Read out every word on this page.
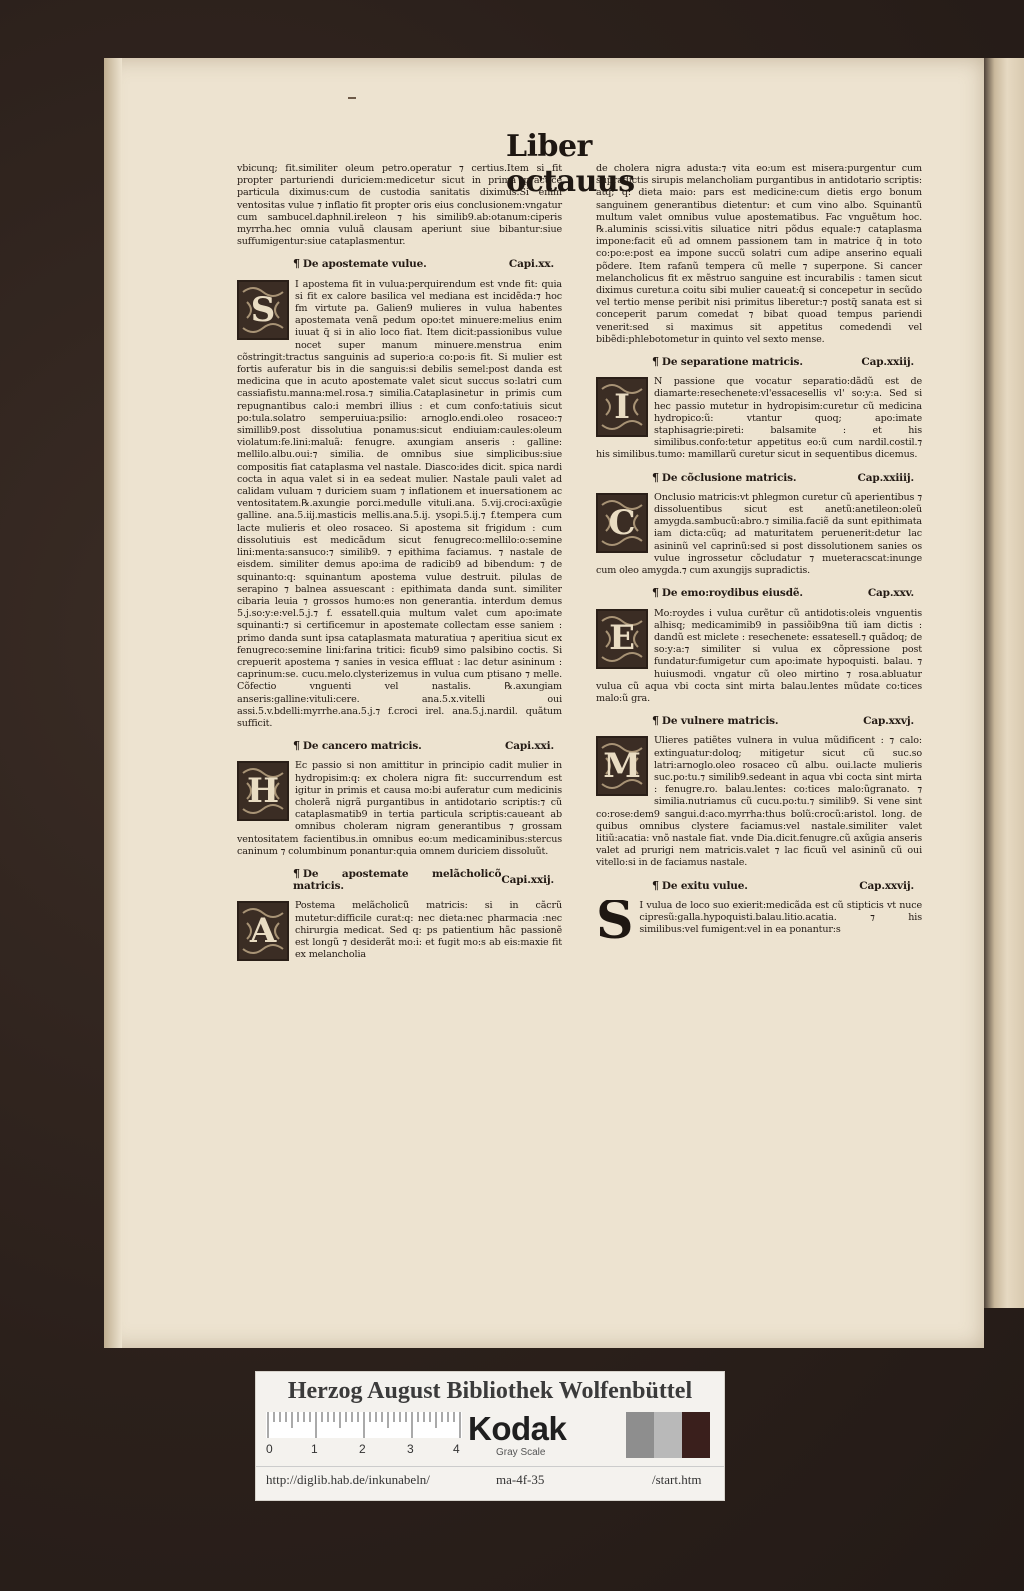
Liber octauus

vbicunq; fit.similiter oleum petro.operatur ⁊ certius.Item si fit propter parturiendi duriciem:medicetur sicut in prima practice particula diximus:cum de custodia sanitatis diximus.Si enim ventositas vulue ⁊ inflatio fit propter oris eius conclusionem:vngatur cum sambucel.daphnil.ireleon ⁊ his similib9.ab:otanum:ciperis myrrha.hec omnia vuluã clausam aperiunt siue bibantur:siue suffumigentur:siue cataplasmentur.

¶ De apostemate vulue.	Capi.xx.
S
I apostema fit in vulua:perquirendum est vnde fit: quia si fit ex calore basilica vel mediana est incidẽda:⁊ hoc fm virtute pa. Galien9 mulieres in vulua habentes apostemata venã pedum opo:tet minuere:melius enim iuuat q̃ si in alio loco fiat. Item dicit:passionibus vulue nocet super manum minuere.menstrua enim cõstringit:tractus sanguinis ad superio:a co:po:is fit. Si mulier est fortis auferatur bis in die sanguis:si debilis semel:post danda est medicina que in acuto apostemate valet sicut succus so:latri cum cassiafistu.manna:mel.rosa.⁊ similia.Cataplasinetur in primis cum repugnantibus calo:i membri illius : et cum confo:tatiuis sicut po:tula.solatro semperuiua:psilio: arnoglo.endi.oleo rosaceo:⁊ simillib9.post dissolutiua ponamus:sicut endiuiam:caules:oleum violatum:fe.lini:maluã: fenugre. axungiam anseris : galline: mellilo.albu.oui:⁊ similia. de omnibus siue simplicibus:siue compositis fiat cataplasma vel nastale. Diasco:ides dicit. spica nardi cocta in aqua valet si in ea sedeat mulier. Nastale pauli valet ad calidam vuluam ⁊ duriciem suam ⁊ inflationem et inuersationem ac ventositatem.℞.axungie porci.medulle vituli.ana. 5.vij.croci:axũgie galline. ana.5.iij.masticis mellis.ana.5.ij. ysopi.5.ij.⁊ f.tempera cum lacte mulieris et oleo rosaceo. Si apostema sit frigidum : cum dissolutiuis est medicãdum sicut fenugreco:mellilo:o:semine lini:menta:sansuco:⁊ similib9. ⁊ epithima faciamus. ⁊ nastale de eisdem. similiter demus apo:ima de radicib9 ad bibendum: ⁊ de squinanto:q: squinantum apostema vulue destruit. pilulas de serapino ⁊ balnea assuescant : epithimata danda sunt. similiter cibaria leuia ⁊ grossos humo:es non generantia. interdum demus 5.j.so:y:e:vel.5.j.⁊ f. essatell.quia multum valet cum apo:imate squinanti:⁊ si certificemur in apostemate collectam esse saniem : primo danda sunt ipsa cataplasmata maturatiua ⁊ aperitiua sicut ex fenugreco:semine lini:farina tritici: ficub9 simo palsibino coctis. Si crepuerit apostema ⁊ sanies in vesica effluat : lac detur asininum : caprinum:se. cucu.melo.clysterizemus in vulua cum ptisano ⁊ melle. Cõfectio vnguenti vel nastalis. ℞.axungiam anseris:galline:vituli:cere. ana.5.x.vitelli oui assi.5.v.bdelli:myrrhe.ana.5.j.⁊ f.croci irel. ana.5.j.nardil. quãtum sufficit.
¶ De cancero matricis.	Capi.xxi.
H
Ec passio si non amittitur in principio cadit mulier in hydropisim:q: ex cholera nigra fit: succurrendum est igitur in primis et causa mo:bi auferatur cum medicinis cholerã nigrã purgantibus in antidotario scriptis:⁊ cũ cataplasmatib9 in tertia particula scriptis:caueant ab omnibus choleram nigram generantibus ⁊ grossam ventositatem facientibus.in omnibus eo:um medicaminibus:stercus caninum ⁊ columbinum ponantur:quia omnem duriciem dissoluũt.
¶ De apostemate melãcholicõ matricis.
Capi.xxij.
A
Postema melãcholicũ matricis: si in cãcrũ mutetur:difficile curat:q: nec dieta:nec pharmacia :nec chirurgia medicat. Sed q: ps patientium hãc passionẽ est longũ ⁊ desiderãt mo:i: et fugit mo:s ab eis:maxie fit ex melancholia

de cholera nigra adusta:⁊ vita eo:um est misera:purgentur cum supradictis sirupis melancholiam purgantibus in antidotario scriptis: atq; q: dieta maio: pars est medicine:cum dietis ergo bonum sanguinem generantibus dietentur: et cum vino albo. Squinantũ multum valet omnibus vulue apostematibus. Fac vnguẽtum hoc. ℞.aluminis scissi.vitis siluatice nitri põdus equale:⁊ cataplasma impone:facit eũ ad omnem passionem tam in matrice q̃ in toto co:po:e:post ea impone succũ solatri cum adipe anserino equali põdere. Item rafanũ tempera cũ melle ⁊ superpone. Si cancer melancholicus fit ex mẽstruo sanguine est incurabilis : tamen sicut diximus curetur.a coitu sibi mulier caueat:q̃ si concepetur in secũdo vel tertio mense peribit nisi primitus liberetur:⁊ postq̃ sanata est si conceperit parum comedat ⁊ bibat quoad tempus pariendi venerit:sed si maximus sit appetitus comedendi vel bibẽdi:phlebotometur in quinto vel sexto mense.

¶ De separatione matricis.	Cap.xxiij.
I
N passione que vocatur separatio:dãdũ est de diamarte:resechenete:vl'essacesellis vl' so:y:a. Sed si hec passio mutetur in hydropisim:curetur cũ medicina hydropico:ũ: vtantur quoq; apo:imate staphisagrie:pireti: balsamite : et his similibus.confo:tetur appetitus eo:ũ cum nardil.costil.⁊ his similibus.tumo: mamillarũ curetur sicut in sequentibus dicemus.
¶ De cõclusione matricis.	Cap.xxiiij.
C
Onclusio matricis:vt phlegmon curetur cũ aperientibus ⁊ dissoluentibus sicut est anetũ:anetileon:oleũ amygda.sambucũ:abro.⁊ similia.faciẽ da sunt epithimata iam dicta:cũq; ad maturitatem peruenerit:detur lac asininũ vel caprinũ:sed si post dissolutionem sanies os vulue ingrossetur cõcludatur ⁊ mueteracscat:inunge cum oleo amygda.⁊ cum axungijs supradictis.
¶ De emo:roydibus eiusdẽ.	Cap.xxv.
E
Mo:roydes i vulua curẽtur cũ antidotis:oleis vnguentis alhisq; medicamimib9 in passiõib9na tiũ iam dictis : dandũ est miclete : resechenete: essatesell.⁊ quãdoq; de so:y:a:⁊ similiter si vulua ex cõpressione post fundatur:fumigetur cum apo:imate hypoquisti. balau. ⁊ huiusmodi. vngatur cũ oleo mirtino ⁊ rosa.abluatur vulua cũ aqua vbi cocta sint mirta balau.lentes mũdate co:tices malo:ũ gra.
¶ De vulnere matricis.	Cap.xxvj.
M
Ulieres patiẽtes vulnera in vulua mũdificent : ⁊ calo: extinguatur:doloq; mitigetur sicut cũ suc.so latri:arnoglo.oleo rosaceo cũ albu. oui.lacte mulieris suc.po:tu.⁊ similib9.sedeant in aqua vbi cocta sint mirta : fenugre.ro. balau.lentes: co:tices malo:ũgranato. ⁊ similia.nutriamus cũ cucu.po:tu.⁊ similib9. Si vene sint co:rose:dem9 sangui.d:aco.myrrha:thus bolũ:crocũ:aristol. long. de quibus omnibus clystere faciamus:vel nastale.similiter valet litiũ:acatia: vnõ nastale fiat. vnde Dia.dicit.fenugre.cũ axũgia anseris valet ad prurigi nem matricis.valet ⁊ lac ficuũ vel asininũ cũ oui vitello:si in de faciamus nastale.
¶ De exitu vulue.	Cap.xxvij.
S I vulua de loco suo exierit:medicãda est cũ stipticis vt nuce cipresũ:galla.hypoquisti.balau.litio.acatia. ⁊ his similibus:vel fumigent:vel in ea ponantur:s
Herzog August Bibliothek Wolfenbüttel
0	1	2	3	4
Kodak
Gray Scale
http://diglib.hab.de/inkunabeln/	ma-4f-35	/start.htm
